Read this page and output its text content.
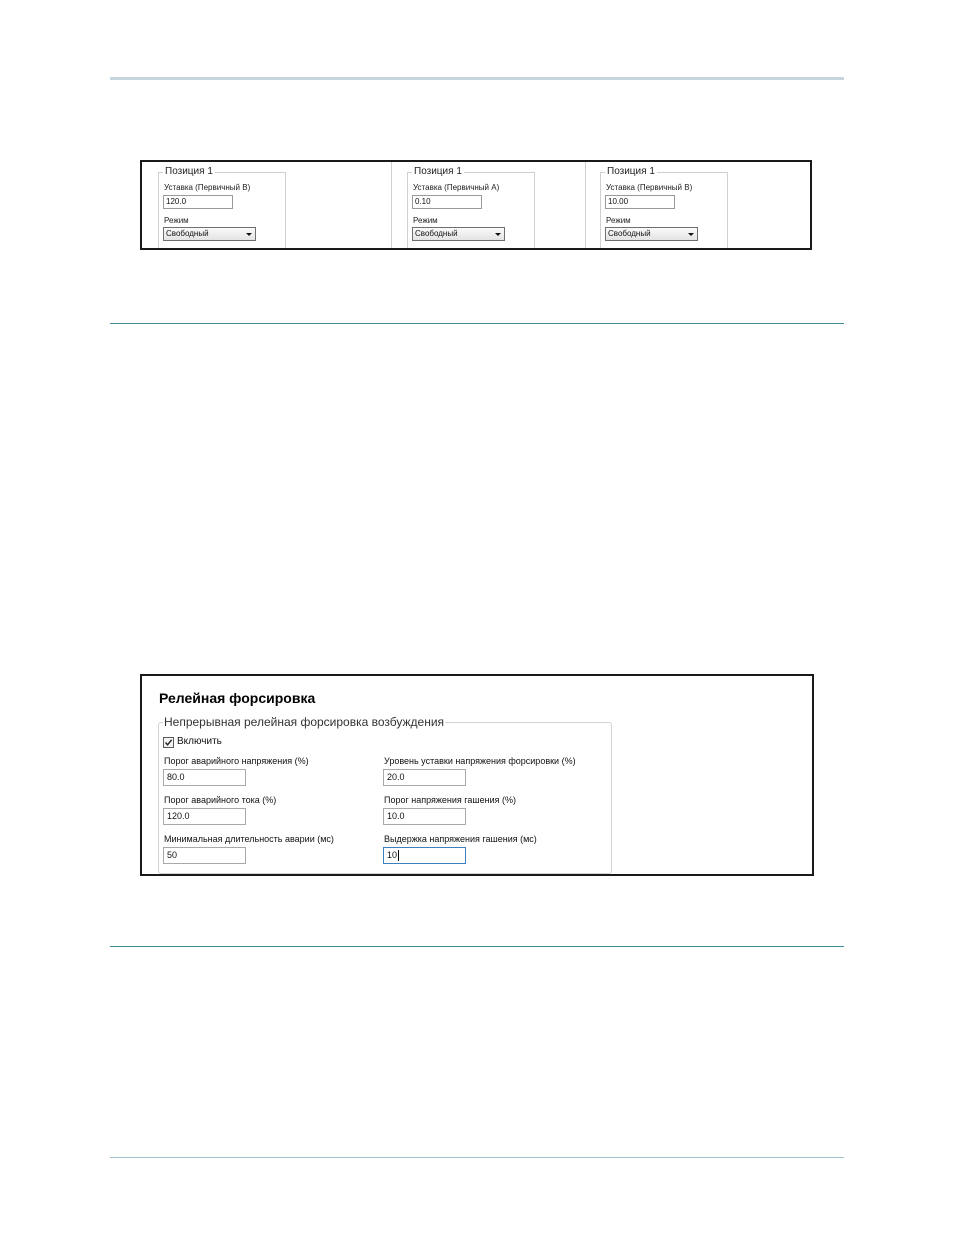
Позиция 1
Уставка (Первичный В)
120.0
Режим
Свободный
Позиция 1
Уставка (Первичный А)
0.10
Режим
Свободный
Позиция 1
Уставка (Первичный В)
10.00
Режим
Свободный
Релейная форсировка
Непрерывная релейная форсировка возбуждения
Включить
Порог аварийного напряжения (%)
80.0
Уровень уставки напряжения форсировки (%)
20.0
Порог аварийного тока (%)
120.0
Порог напряжения гашения (%)
10.0
Минимальная длительность аварии (мс)
50
Выдержка напряжения гашения (мс)
10
